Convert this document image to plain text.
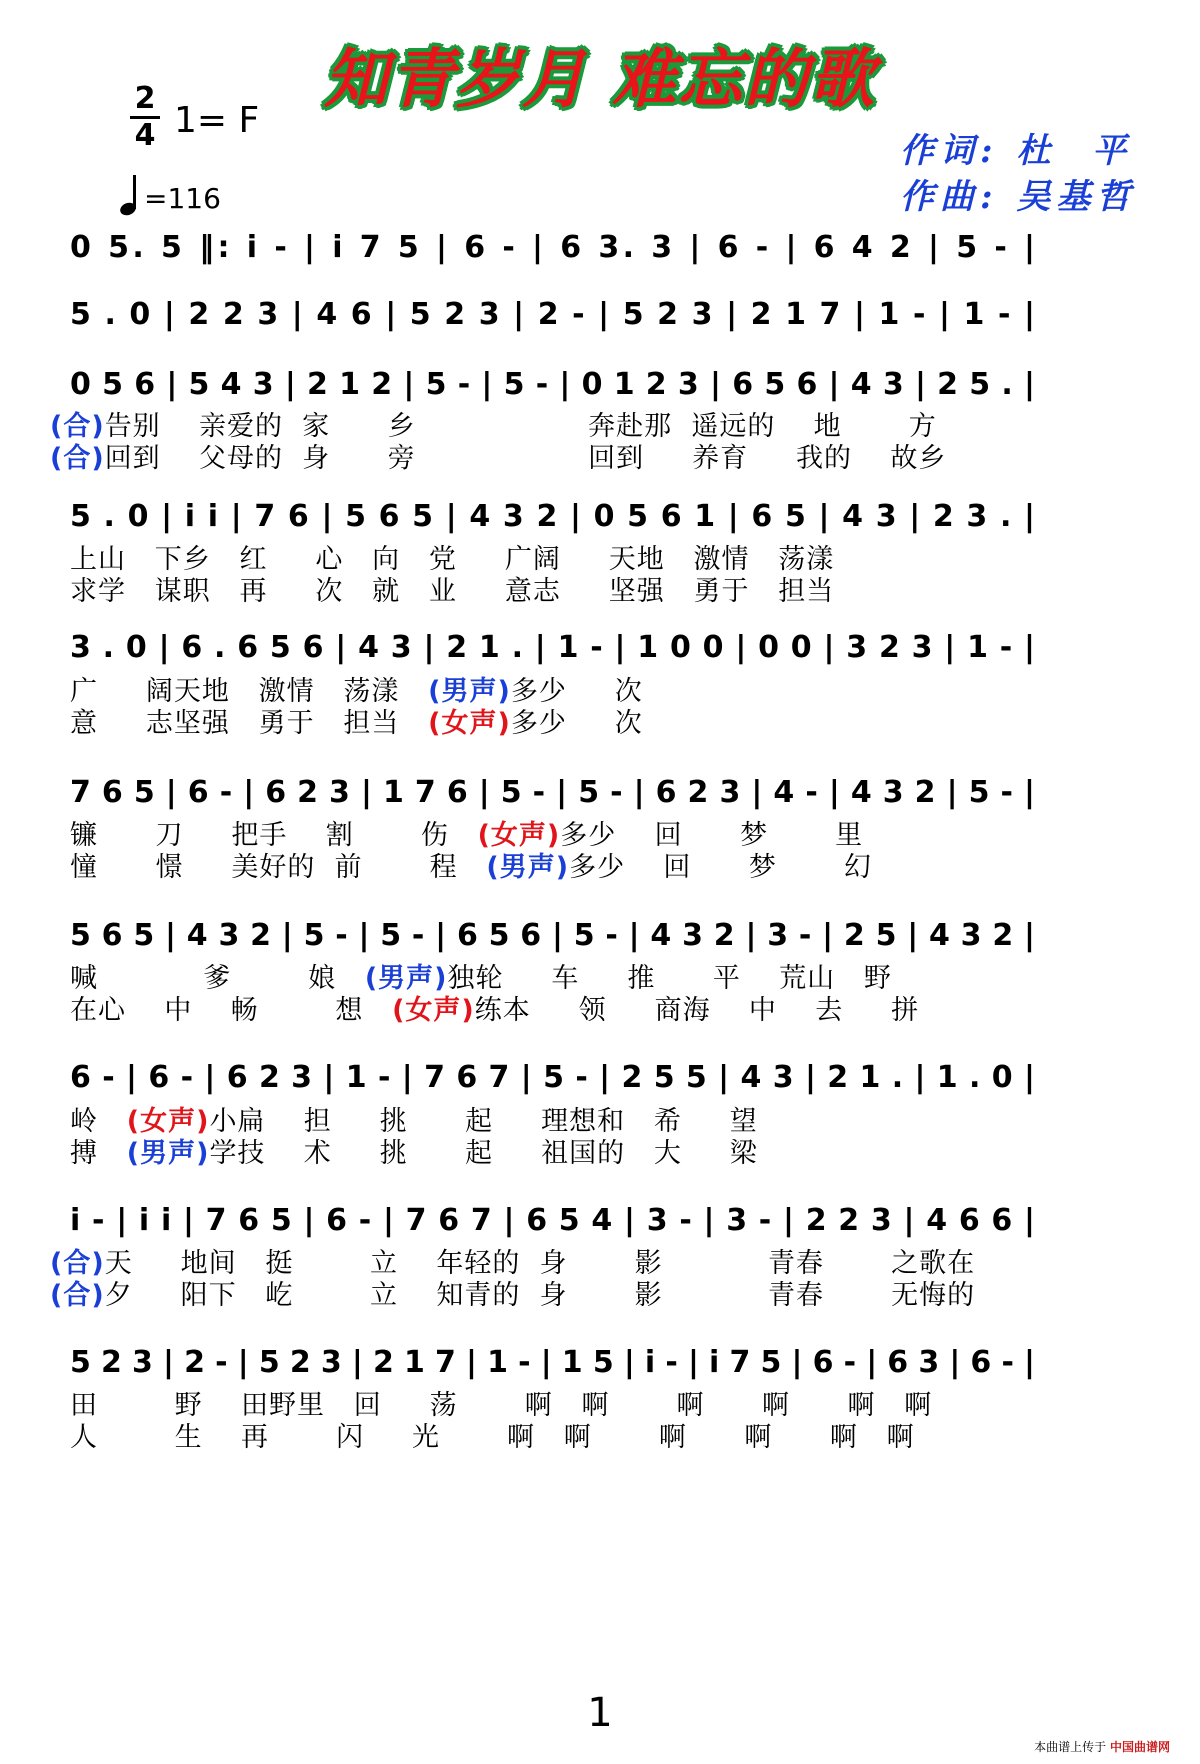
知青岁月 难忘的歌
2
4 1= F
=116
作词: 杜  平
作曲: 吴基哲
0 5. 5 ‖: i - | i 7 5 | 6 - | 6 3. 3 | 6 - | 6 4 2 | 5 - |
5 . 0 | 2 2 3 | 4 6 | 5 2 3 | 2 - | 5 2 3 | 2 1 7 | 1 - | 1 - |
0 5 6 | 5 4 3 | 2 1 2 | 5 - | 5 - | 0 1 2 3 | 6 5 6 | 4 3 | 2 5 . |
(合)告别    亲爱的  家      乡                  奔赴那  遥远的    地       方
(合)回到    父母的  身      旁                  回到     养育     我的    故乡
5 . 0 | i i | 7 6 | 5 6 5 | 4 3 2 | 0 5 6 1 | 6 5 | 4 3 | 2 3 . |
上山   下乡   红     心   向   党     广阔     天地   激情   荡漾
求学   谋职   再     次   就   业     意志     坚强   勇于   担当
3 . 0 | 6 . 6 5 6 | 4 3 | 2 1 . | 1 - | 1 0 0 | 0 0 | 3 2 3 | 1 - |
广     阔天地   激情   荡漾 (男声)多少     次
意     志坚强   勇于   担当 (女声)多少     次
7 6 5 | 6 - | 6 2 3 | 1 7 6 | 5 - | 5 - | 6 2 3 | 4 - | 4 3 2 | 5 - |
镰      刀     把手    割       伤 (女声)多少    回      梦       里
憧      憬     美好的  前       程 (男声)多少    回      梦       幻
5 6 5 | 4 3 2 | 5 - | 5 - | 6 5 6 | 5 - | 4 3 2 | 3 - | 2 5 | 4 3 2 |
喊           爹        娘 (男声)独轮     车     推      平    荒山   野
在心    中    畅        想 (女声)练本     领     商海    中    去     拼
6 - | 6 - | 6 2 3 | 1 - | 7 6 7 | 5 - | 2 5 5 | 4 3 | 2 1 . | 1 . 0 |
岭 (女声)小扁    担     挑      起     理想和   希     望
搏 (男声)学技    术     挑      起     祖国的   大     梁
i - | i i | 7 6 5 | 6 - | 7 6 7 | 6 5 4 | 3 - | 3 - | 2 2 3 | 4 6 6 |
(合)天     地间   挺        立    年轻的  身       影           青春       之歌在
(合)夕     阳下   屹        立    知青的  身       影           青春       无悔的
5 2 3 | 2 - | 5 2 3 | 2 1 7 | 1 - | 1 5 | i - | i 7 5 | 6 - | 6 3 | 6 - |
田        野    田野里   回     荡       啊   啊       啊      啊      啊   啊
人        生    再       闪     光       啊   啊       啊      啊      啊   啊
1
本曲谱上传于 中国曲谱网
